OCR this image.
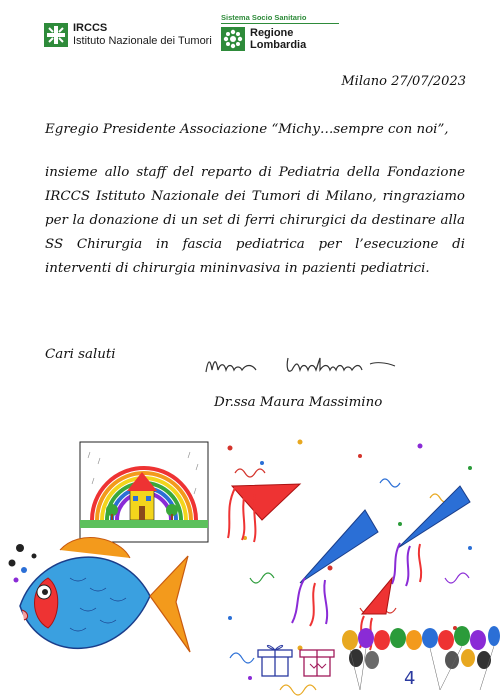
IRCCS
Istituto Nazionale dei Tumori
Sistema Socio Sanitario
Regione
Lombardia
Milano 27/07/2023
Egregio Presidente Associazione “Michy…sempre con noi”,
insieme allo staff del reparto di Pediatria della Fondazione IRCCS Istituto Nazionale dei Tumori di Milano, ringraziamo per la donazione di un set di ferri chirurgici da destinare alla SS Chirurgia in fascia pediatrica per l’esecuzione di interventi di chirurgia mininvasiva in pazienti pediatrici.
Cari saluti
Dr.ssa Maura Massimino
4
